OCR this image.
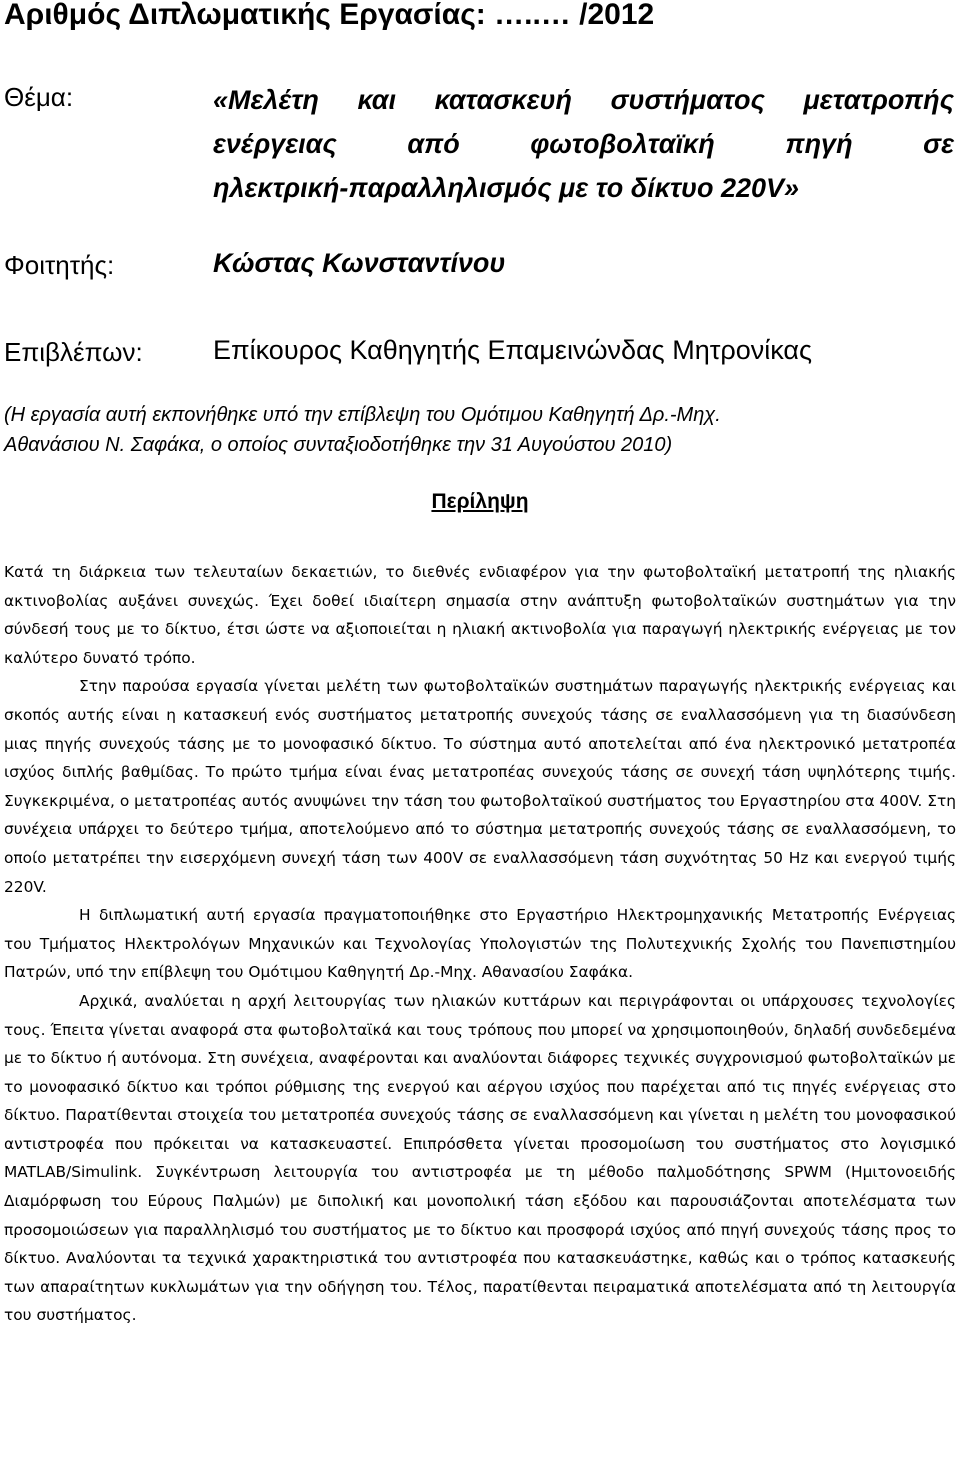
Αριθμός Διπλωματικής Εργασίας: …..… /2012
Θέμα:	«Μελέτη και κατασκευή συστήματος μετατροπής
ενέργειας από φωτοβολταϊκή πηγή σε
ηλεκτρική-παραλληλισμός με το δίκτυο 220V»
Φοιτητής:	Κώστας Κωνσταντίνου
Επιβλέπων:	Επίκουρος Καθηγητής Επαμεινώνδας Μητρονίκας
(Η εργασία αυτή εκπονήθηκε υπό την επίβλεψη του Ομότιμου Καθηγητή Δρ.-Μηχ.
Αθανάσιου Ν. Σαφάκα, ο οποίος συνταξιοδοτήθηκε την 31 Αυγούστου 2010)
Περίληψη

Κατά τη διάρκεια των τελευταίων δεκαετιών, το διεθνές ενδιαφέρον για την φωτοβολταϊκή μετατροπή της ηλιακής ακτινοβολίας αυξάνει συνεχώς. Έχει δοθεί ιδιαίτερη σημασία στην ανάπτυξη φωτοβολταϊκών συστημάτων για την σύνδεσή τους με το δίκτυο, έτσι ώστε να αξιοποιείται η ηλιακή ακτινοβολία για παραγωγή ηλεκτρικής ενέργειας με τον καλύτερο δυνατό τρόπο.

Στην παρούσα εργασία γίνεται μελέτη των φωτοβολταϊκών συστημάτων παραγωγής ηλεκτρικής ενέργειας και σκοπός αυτής είναι η κατασκευή ενός συστήματος μετατροπής συνεχούς τάσης σε εναλλασσόμενη για τη διασύνδεση μιας πηγής συνεχούς τάσης με το μονοφασικό δίκτυο. Το σύστημα αυτό αποτελείται από ένα ηλεκτρονικό μετατροπέα ισχύος διπλής βαθμίδας. Το πρώτο τμήμα είναι ένας μετατροπέας συνεχούς τάσης σε συνεχή τάση υψηλότερης τιμής. Συγκεκριμένα, ο μετατροπέας αυτός ανυψώνει την τάση του φωτοβολταϊκού συστήματος του Εργαστηρίου στα 400V. Στη συνέχεια υπάρχει το δεύτερο τμήμα, αποτελούμενο από το σύστημα μετατροπής συνεχούς τάσης σε εναλλασσόμενη, το οποίο μετατρέπει την εισερχόμενη συνεχή τάση των 400V σε εναλλασσόμενη τάση συχνότητας 50 Hz και ενεργού τιμής 220V.

Η διπλωματική αυτή εργασία πραγματοποιήθηκε στο Εργαστήριο Ηλεκτρομηχανικής Μετατροπής Ενέργειας του Τμήματος Ηλεκτρολόγων Μηχανικών και Τεχνολογίας Υπολογιστών της Πολυτεχνικής Σχολής του Πανεπιστημίου Πατρών, υπό την επίβλεψη του Ομότιμου Καθηγητή Δρ.-Μηχ. Αθανασίου Σαφάκα.

Αρχικά, αναλύεται η αρχή λειτουργίας των ηλιακών κυττάρων και περιγράφονται οι υπάρχουσες τεχνολογίες τους. Έπειτα γίνεται αναφορά στα φωτοβολταϊκά και τους τρόπους που μπορεί να χρησιμοποιηθούν, δηλαδή συνδεδεμένα με το δίκτυο ή αυτόνομα. Στη συνέχεια, αναφέρονται και αναλύονται διάφορες τεχνικές συγχρονισμού φωτοβολταϊκών με το μονοφασικό δίκτυο και τρόποι ρύθμισης της ενεργού και αέργου ισχύος που παρέχεται από τις πηγές ενέργειας στο δίκτυο. Παρατίθενται στοιχεία του μετατροπέα συνεχούς τάσης σε εναλλασσόμενη και γίνεται η μελέτη του μονοφασικού αντιστροφέα που πρόκειται να κατασκευαστεί. Επιπρόσθετα γίνεται προσομοίωση του συστήματος στο λογισμικό MATLAB/Simulink. Συγκέντρωση λειτουργία του αντιστροφέα με τη μέθοδο παλμοδότησης SPWM (Ημιτονοειδής Διαμόρφωση του Εύρους Παλμών) με διπολική και μονοπολική τάση εξόδου και παρουσιάζονται αποτελέσματα των προσομοιώσεων για παραλληλισμό του συστήματος με το δίκτυο και προσφορά ισχύος από πηγή συνεχούς τάσης προς το δίκτυο. Αναλύονται τα τεχνικά χαρακτηριστικά του αντιστροφέα που κατασκευάστηκε, καθώς και ο τρόπος κατασκευής των απαραίτητων κυκλωμάτων για την οδήγηση του. Τέλος, παρατίθενται πειραματικά αποτελέσματα από τη λειτουργία του συστήματος.
